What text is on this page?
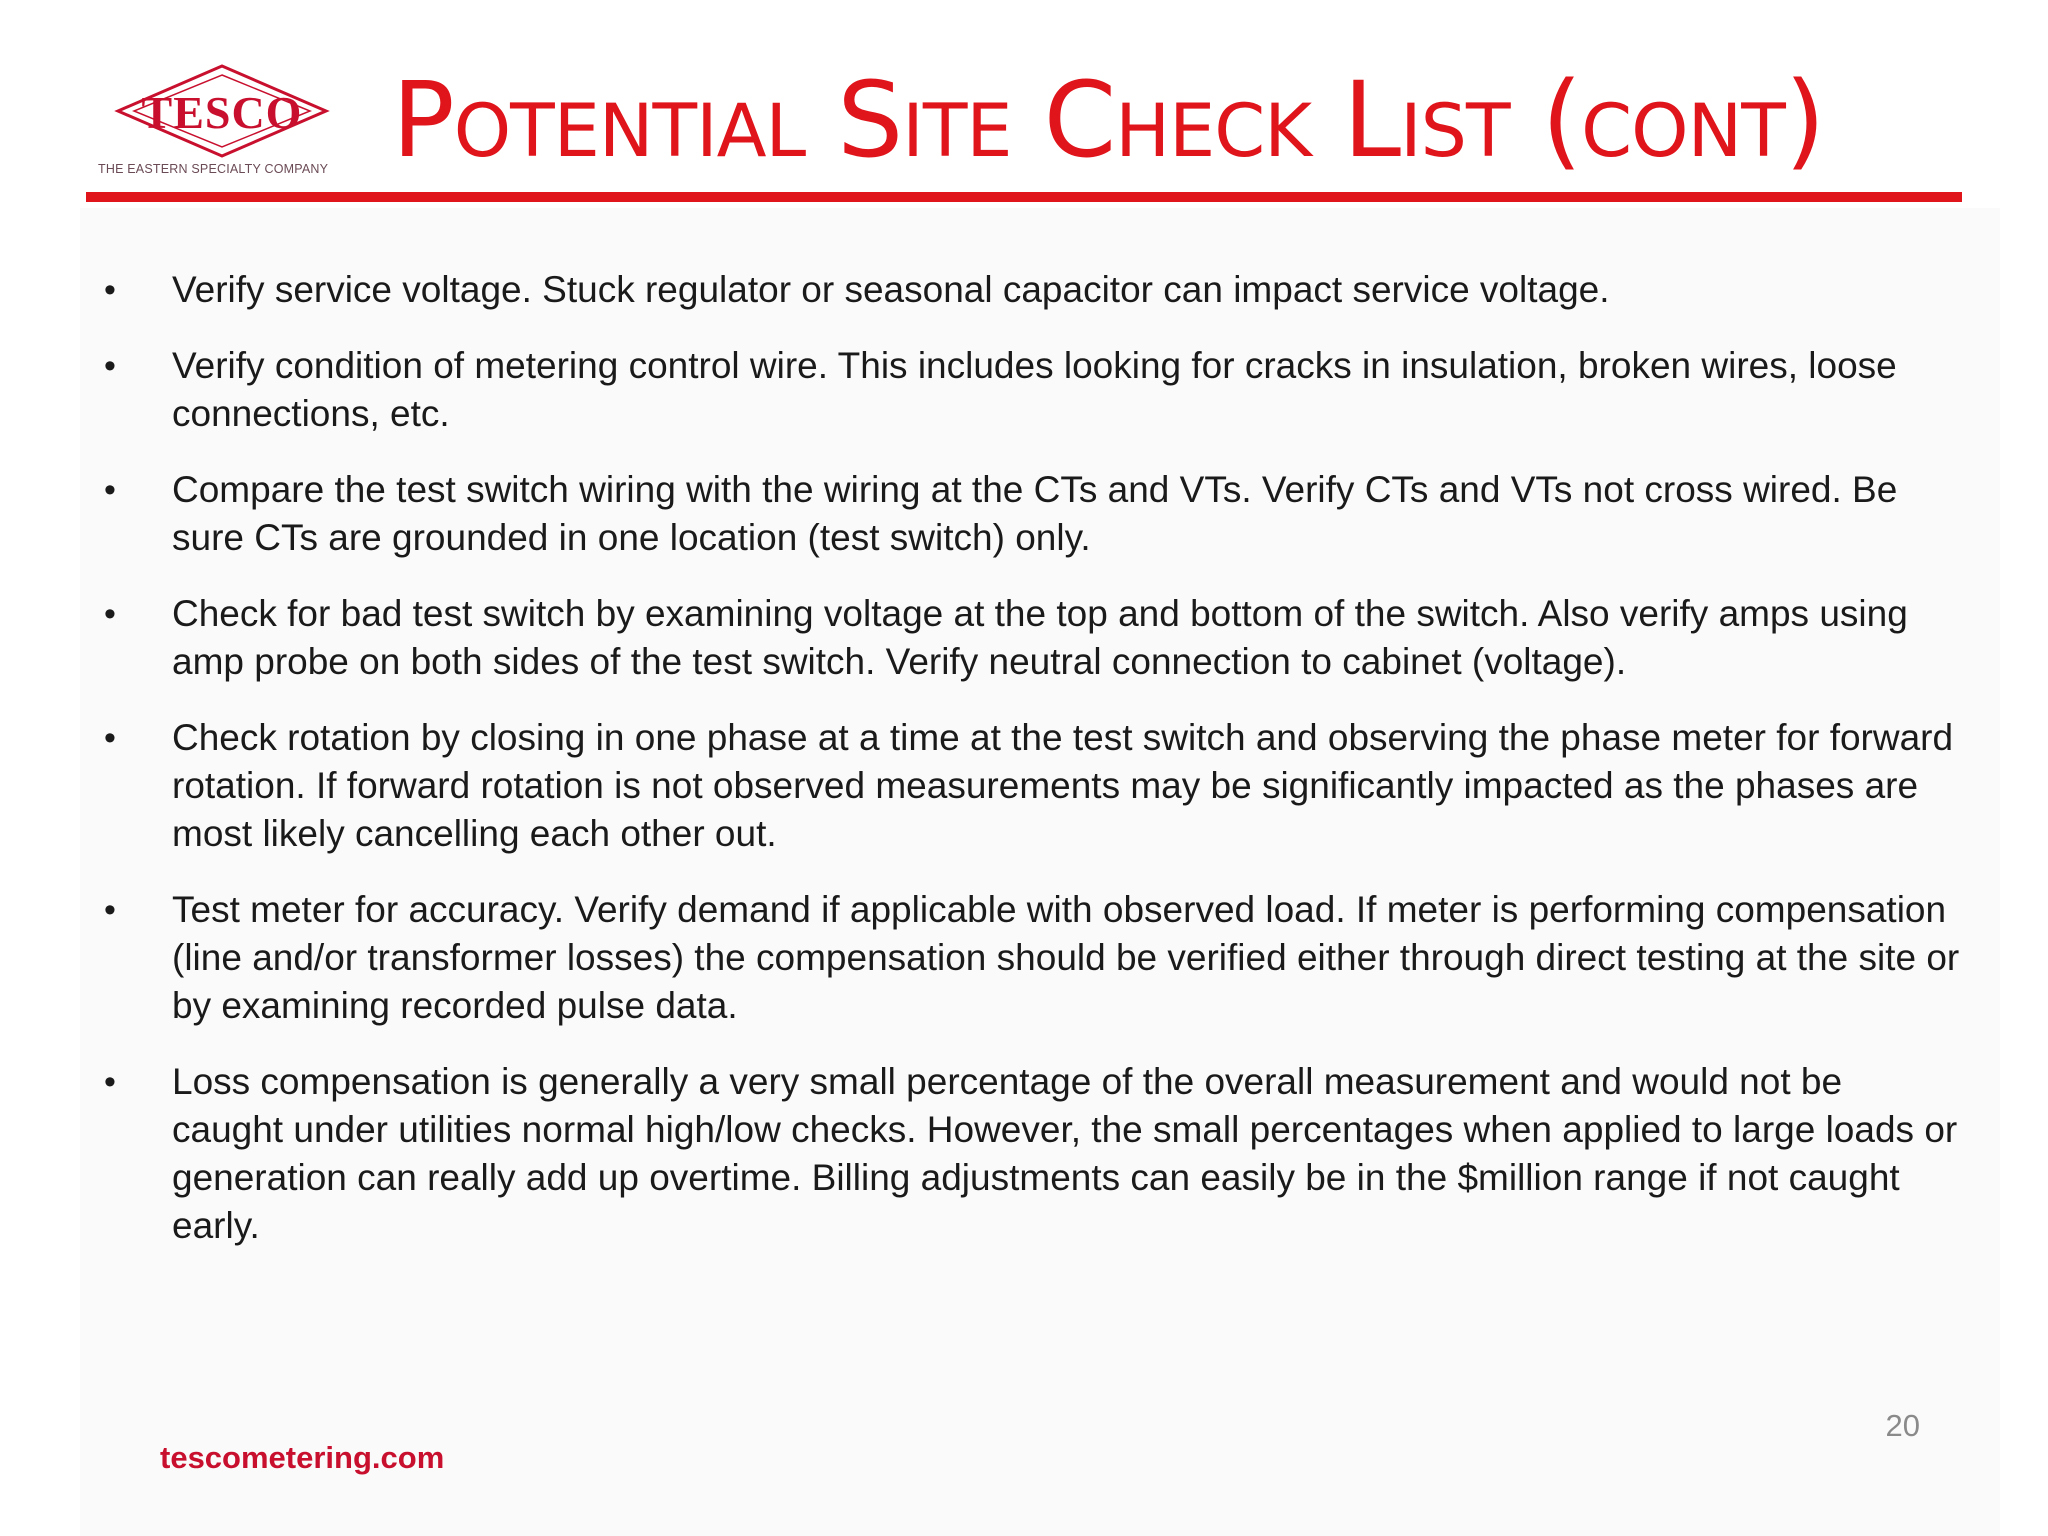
TESCO
THE EASTERN SPECIALTY COMPANY Potential Site Check List (cont)
• Verify service voltage. Stuck regulator or seasonal capacitor can impact service voltage.
• Verify condition of metering control wire. This includes looking for cracks in insulation, broken wires, loose connections, etc.
• Compare the test switch wiring with the wiring at the CTs and VTs. Verify CTs and VTs not cross wired. Be sure CTs are grounded in one location (test switch) only.
• Check for bad test switch by examining voltage at the top and bottom of the switch. Also verify amps using amp probe on both sides of the test switch. Verify neutral connection to cabinet (voltage).
• Check rotation by closing in one phase at a time at the test switch and observing the phase meter for forward rotation. If forward rotation is not observed measurements may be significantly impacted as the phases are most likely cancelling each other out.
• Test meter for accuracy. Verify demand if applicable with observed load. If meter is performing compensation (line and/or transformer losses) the compensation should be verified either through direct testing at the site or by examining recorded pulse data.
• Loss compensation is generally a very small percentage of the overall measurement and would not be caught under utilities normal high/low checks. However, the small percentages when applied to large loads or generation can really add up overtime. Billing adjustments can easily be in the $million range if not caught early.
tescometering.com
20
